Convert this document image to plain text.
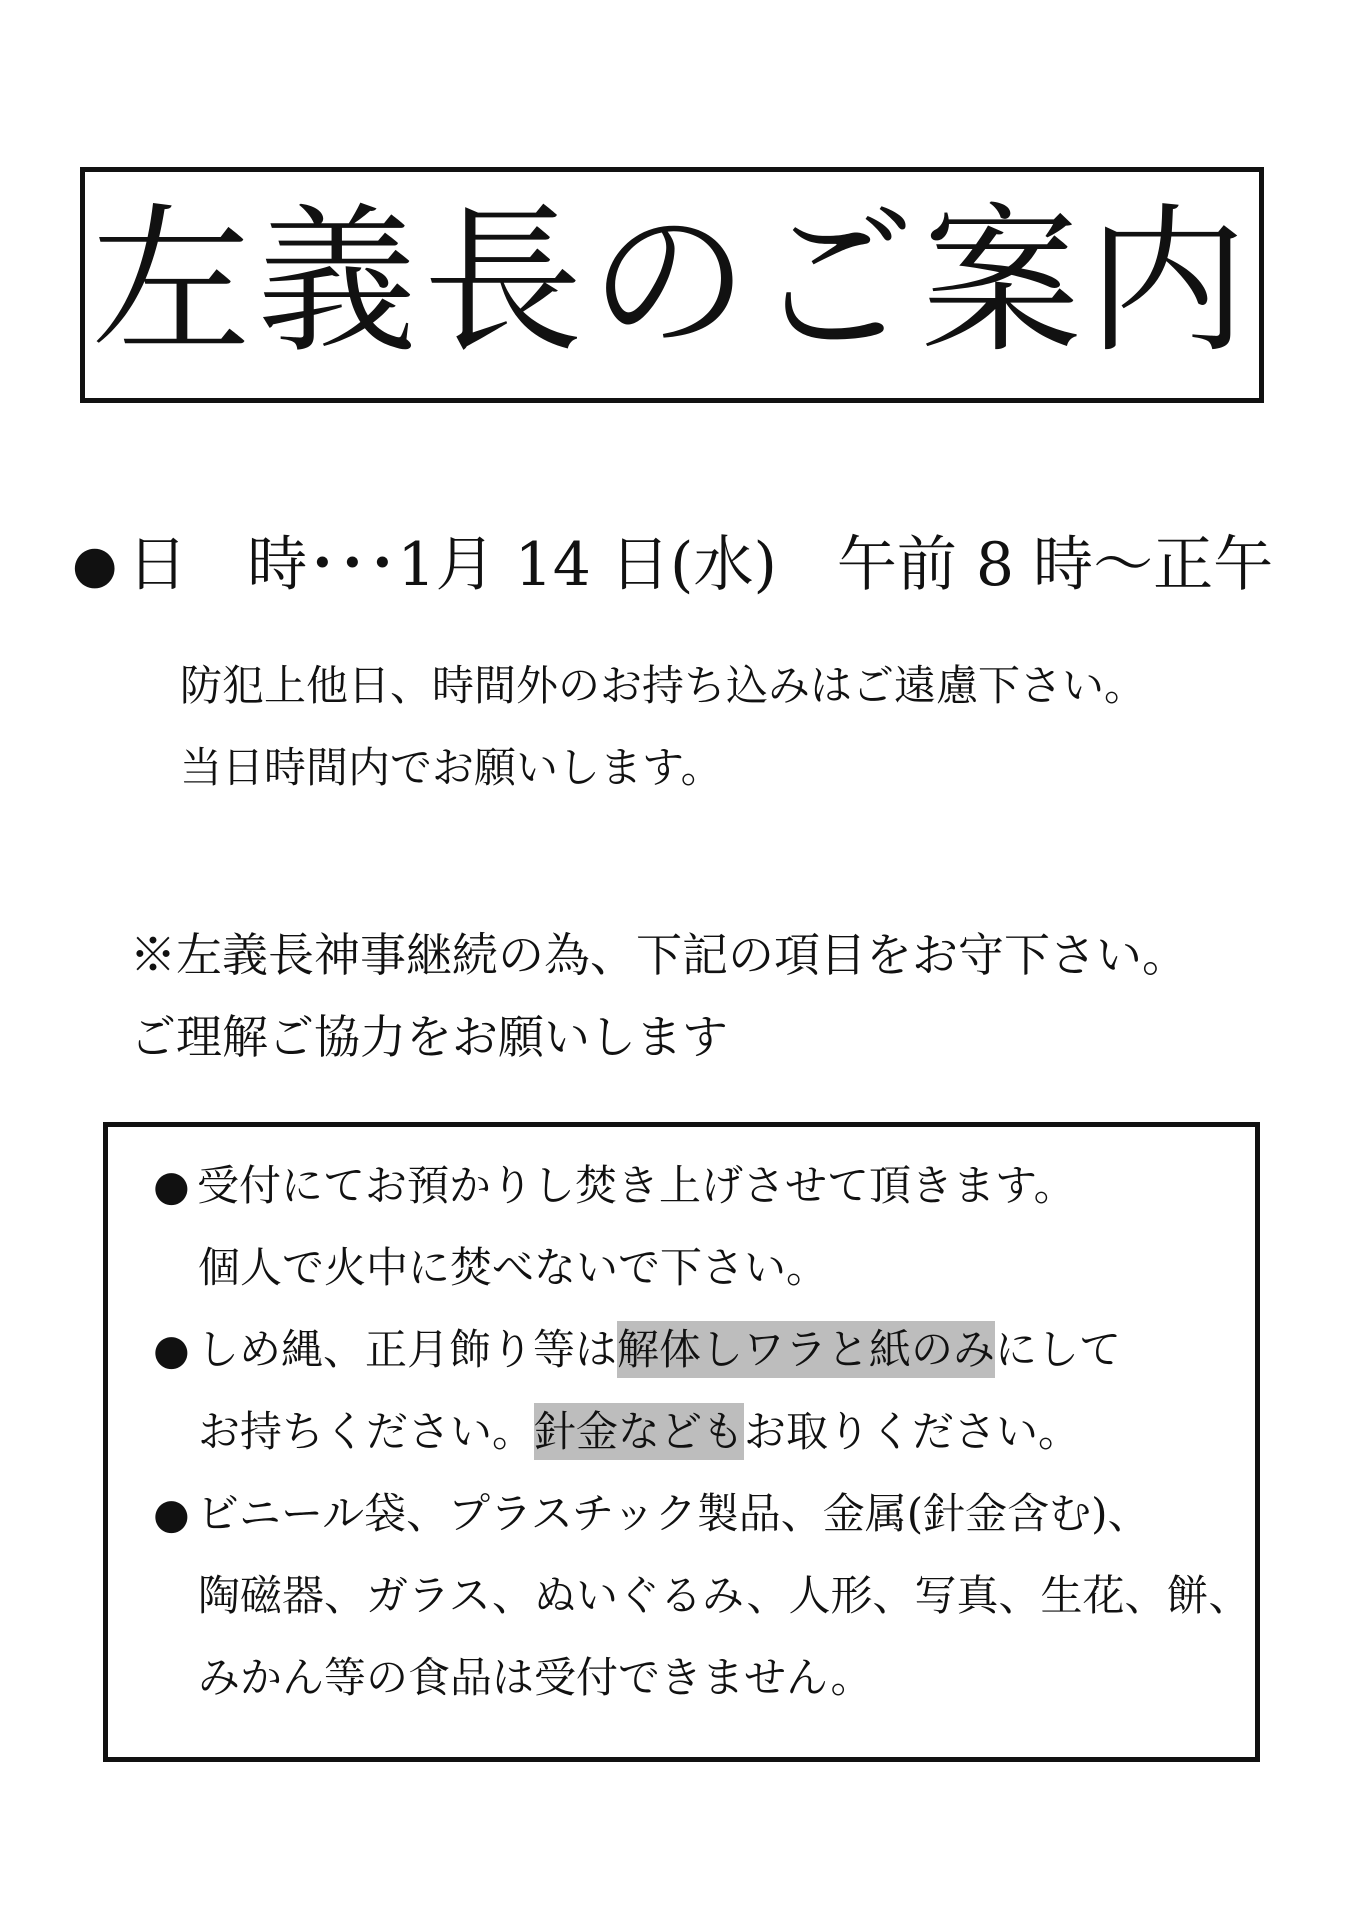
左義長のご案内
● 日　時･･･ 1月 14 日(水)　午前 8 時～正午
防犯上他日、時間外のお持ち込みはご遠慮下さい。
当日時間内でお願いします。
※左義長神事継続の為、下記の項目をお守下さい。
ご理解ご協力をお願いします
● 受付にてお預かりし焚き上げさせて頂きます。
個人で火中に焚べないで下さい。
● しめ縄、正月飾り等は解体しワラと紙のみにして
お持ちください。針金などもお取りください。
● ビニール袋、プラスチック製品、金属(針金含む)、
陶磁器、ガラス、ぬいぐるみ、人形、写真、生花、餅、
みかん等の食品は受付できません。
